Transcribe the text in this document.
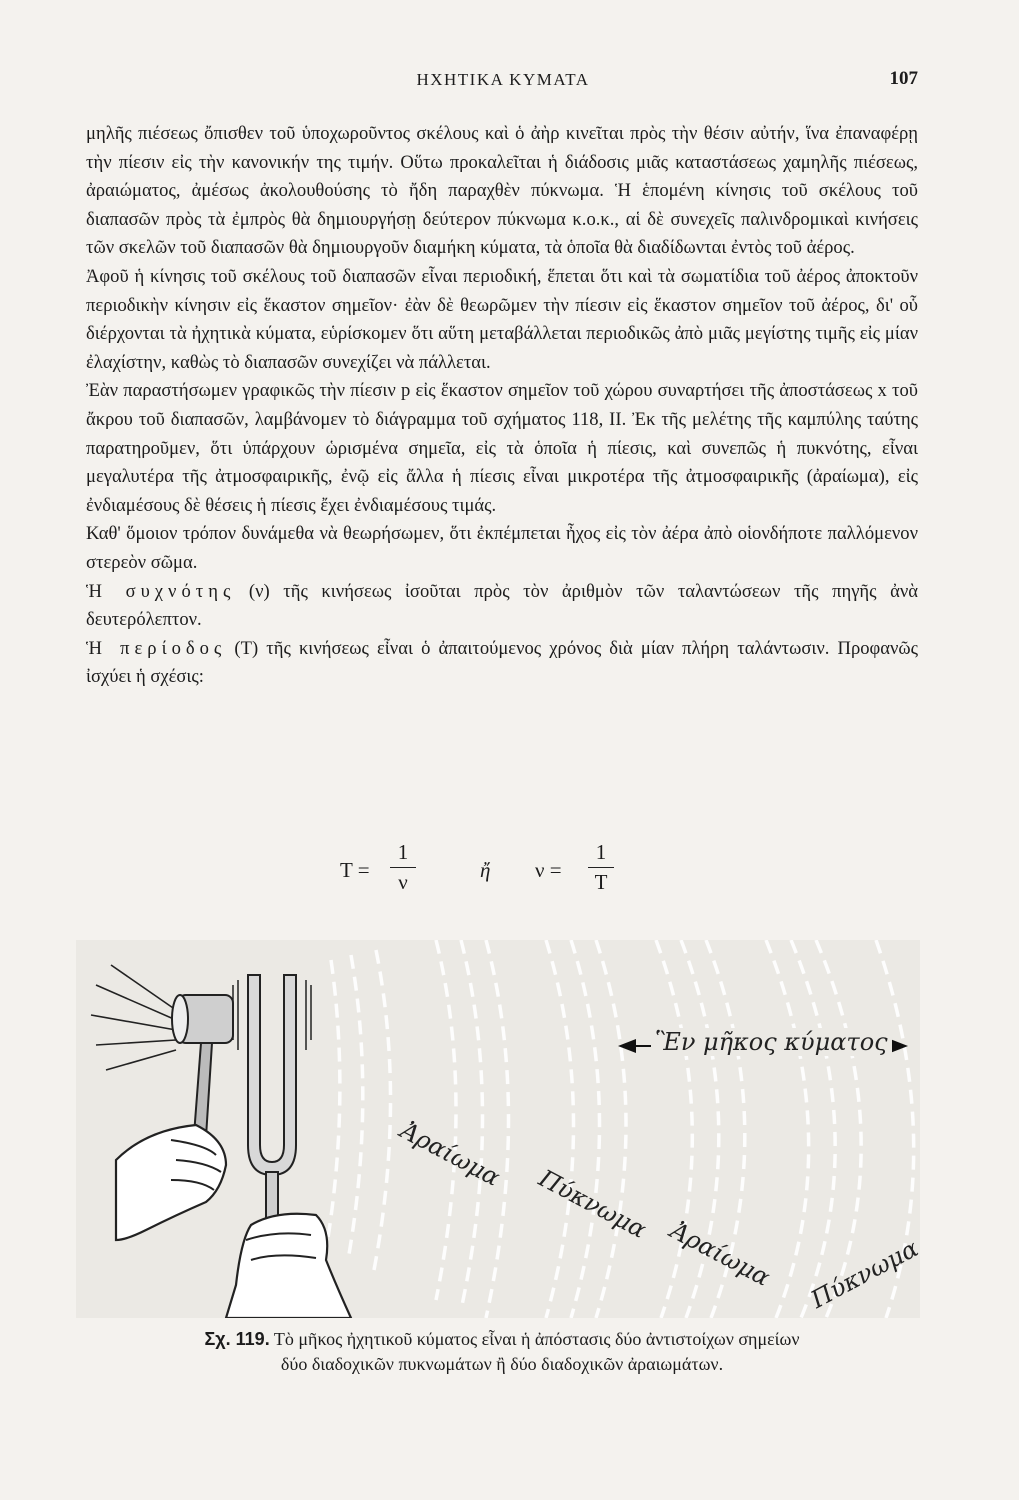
ΗΧΗΤΙΚΑ ΚΥΜΑΤΑ	107

μηλῆς πιέσεως ὄπισθεν τοῦ ὑποχωροῦντος σκέλους καὶ ὁ ἀὴρ κινεῖται πρὸς τὴν θέσιν αὐτήν, ἵνα ἐπαναφέρῃ τὴν πίεσιν εἰς τὴν κανονικήν της τιμήν. Οὕτω προκαλεῖται ἡ διάδοσις μιᾶς καταστάσεως χαμηλῆς πιέσεως, ἀραιώματος, ἀμέσως ἀκολουθούσης τὸ ἤδη παραχθὲν πύκνωμα. Ἡ ἑπομένη κίνησις τοῦ σκέλους τοῦ διαπασῶν πρὸς τὰ ἐμπρὸς θὰ δημιουργήσῃ δεύτερον πύκνωμα κ.ο.κ., αἱ δὲ συνεχεῖς παλινδρομικαὶ κινήσεις τῶν σκελῶν τοῦ διαπασῶν θὰ δημιουργοῦν διαμήκη κύματα, τὰ ὁποῖα θὰ διαδίδωνται ἐντὸς τοῦ ἀέρος.

Ἀφοῦ ἡ κίνησις τοῦ σκέλους τοῦ διαπασῶν εἶναι περιοδική, ἕπεται ὅτι καὶ τὰ σωματίδια τοῦ ἀέρος ἀποκτοῦν περιοδικὴν κίνησιν εἰς ἕκαστον σημεῖον· ἐὰν δὲ θεωρῶμεν τὴν πίεσιν εἰς ἕκαστον σημεῖον τοῦ ἀέρος, δι' οὗ διέρχονται τὰ ἠχητικὰ κύματα, εὑρίσκομεν ὅτι αὕτη μεταβάλλεται περιοδικῶς ἀπὸ μιᾶς μεγίστης τιμῆς εἰς μίαν ἐλαχίστην, καθὼς τὸ διαπασῶν συνεχίζει νὰ πάλλεται.

Ἐὰν παραστήσωμεν γραφικῶς τὴν πίεσιν p εἰς ἕκαστον σημεῖον τοῦ χώρου συναρτήσει τῆς ἀποστάσεως x τοῦ ἄκρου τοῦ διαπασῶν, λαμβάνομεν τὸ διάγραμμα τοῦ σχήματος 118, II. Ἐκ τῆς μελέτης τῆς καμπύλης ταύτης παρατηροῦμεν, ὅτι ὑπάρχουν ὡρισμένα σημεῖα, εἰς τὰ ὁποῖα ἡ πίεσις, καὶ συνεπῶς ἡ πυκνότης, εἶναι μεγαλυτέρα τῆς ἀτμοσφαιρικῆς, ἐνῷ εἰς ἄλλα ἡ πίεσις εἶναι μικροτέρα τῆς ἀτμοσφαιρικῆς (ἀραίωμα), εἰς ἐνδιαμέσους δὲ θέσεις ἡ πίεσις ἔχει ἐνδιαμέσους τιμάς.

Καθ' ὅμοιον τρόπον δυνάμεθα νὰ θεωρήσωμεν, ὅτι ἐκπέμπεται ἦχος εἰς τὸν ἀέρα ἀπὸ οἱονδήποτε παλλόμενον στερεὸν σῶμα.

Ἡ συχνότης (ν) τῆς κινήσεως ἰσοῦται πρὸς τὸν ἀριθμὸν τῶν ταλαντώσεων τῆς πηγῆς ἀνὰ δευτερόλεπτον.

Ἡ περίοδος (Τ) τῆς κινήσεως εἶναι ὁ ἀπαιτούμενος χρόνος διὰ μίαν πλήρη ταλάντωσιν. Προφανῶς ἰσχύει ἡ σχέσις:

Τ =
1
ν	ἤ ν =
1
Τ
Ἓν μῆκος κύματος
Ἀραίωμα
Πύκνωμα
Ἀραίωμα Πύκνωμα
Σχ. 119. Τὸ μῆκος ἠχητικοῦ κύματος εἶναι ἡ ἀπόστασις δύο ἀντιστοίχων σημείων
δύο διαδοχικῶν πυκνωμάτων ἢ δύο διαδοχικῶν ἀραιωμάτων.
